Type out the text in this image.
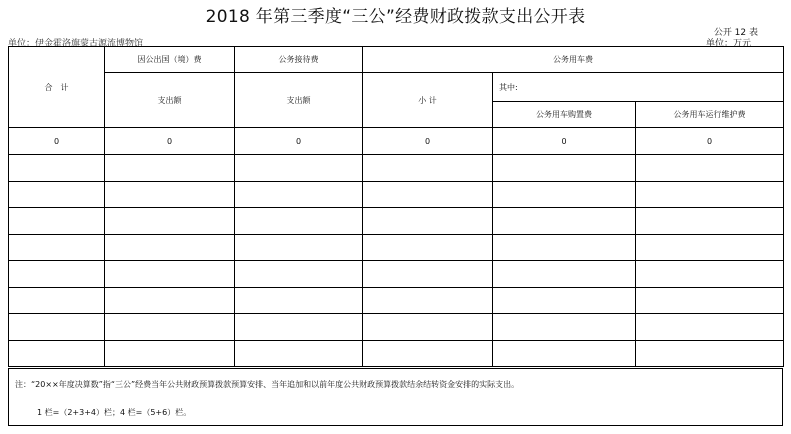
2018 年第三季度“三公”经费财政拨款支出公开表
公开 12 表
单位：伊金霍洛旗蒙古源流博物馆	单位：万元
合　计	因公出国（境）费	公务接待费	公务用车费		
	支出额	支出额	小 计	其中:	
				公务用车购置费	公务用车运行维护费
0	0	0	0	0	0

注：“20××年度决算数”指“三公”经费当年公共财政预算拨款预算安排、当年追加和以前年度公共财政预算拨款结余结转资金安排的实际支出。
1 栏=（2+3+4）栏；4 栏=（5+6）栏。
